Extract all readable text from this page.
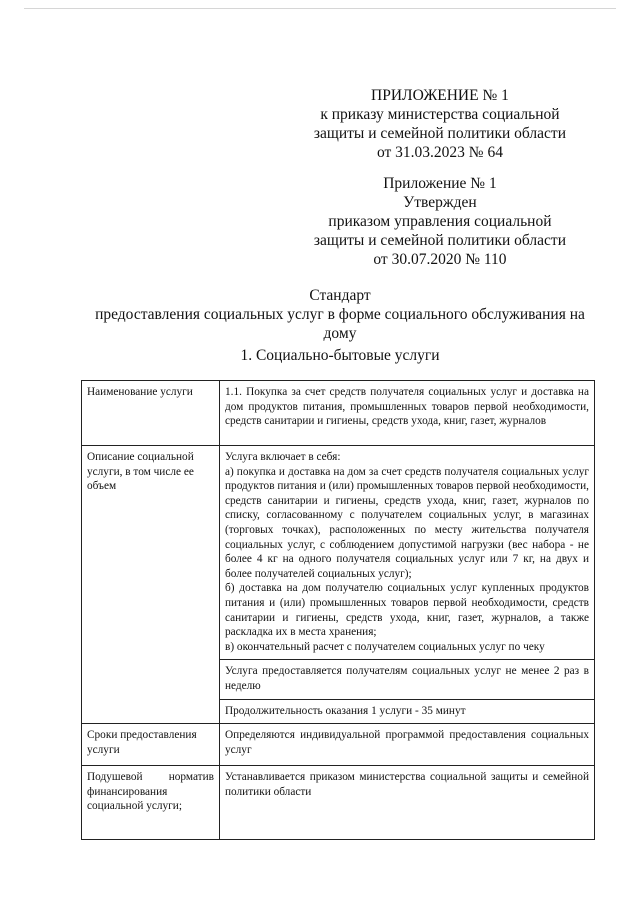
ПРИЛОЖЕНИЕ № 1
к приказу министерства социальной
защиты и семейной политики области
от 31.03.2023 № 64
Приложение № 1
Утвержден
приказом управления социальной
защиты и семейной политики области
от 30.07.2020 № 110
Стандарт
предоставления социальных услуг в форме социального обслуживания на
дому
1. Социально-бытовые услуги
Наименование услуги	1.1. Покупка за счет средств получателя социальных услуг и доставка на дом продуктов питания, промышленных товаров первой необходимости, средств санитарии и гигиены, средств ухода, книг, газет, журналов
Описание социальной услуги, в том числе ее объем	Услуга включает в себя:
а) покупка и доставка на дом за счет средств получателя социальных услуг продуктов питания и (или) промышленных товаров первой необходимости, средств санитарии и гигиены, средств ухода, книг, газет, журналов по списку, согласованному с получателем социальных услуг, в магазинах (торговых точках), расположенных по месту жительства получателя социальных услуг, с соблюдением допустимой нагрузки (вес набора - не более 4 кг на одного получателя социальных услуг или 7 кг, на двух и более получателей социальных услуг);
б) доставка на дом получателю социальных услуг купленных продуктов питания и (или) промышленных товаров первой необходимости, средств санитарии и гигиены, средств ухода, книг, газет, журналов, а также раскладка их в места хранения;
в) окончательный расчет с получателем социальных услуг по чеку

	Услуга предоставляется получателям социальных услуг не менее 2 раз в неделю
	Продолжительность оказания 1 услуги - 35 минут
Сроки предоставления услуги	Определяются индивидуальной программой предоставления социальных услуг
Подушевой норматив финансирования социальной услуги;	Устанавливается приказом министерства социальной защиты и семейной политики области
